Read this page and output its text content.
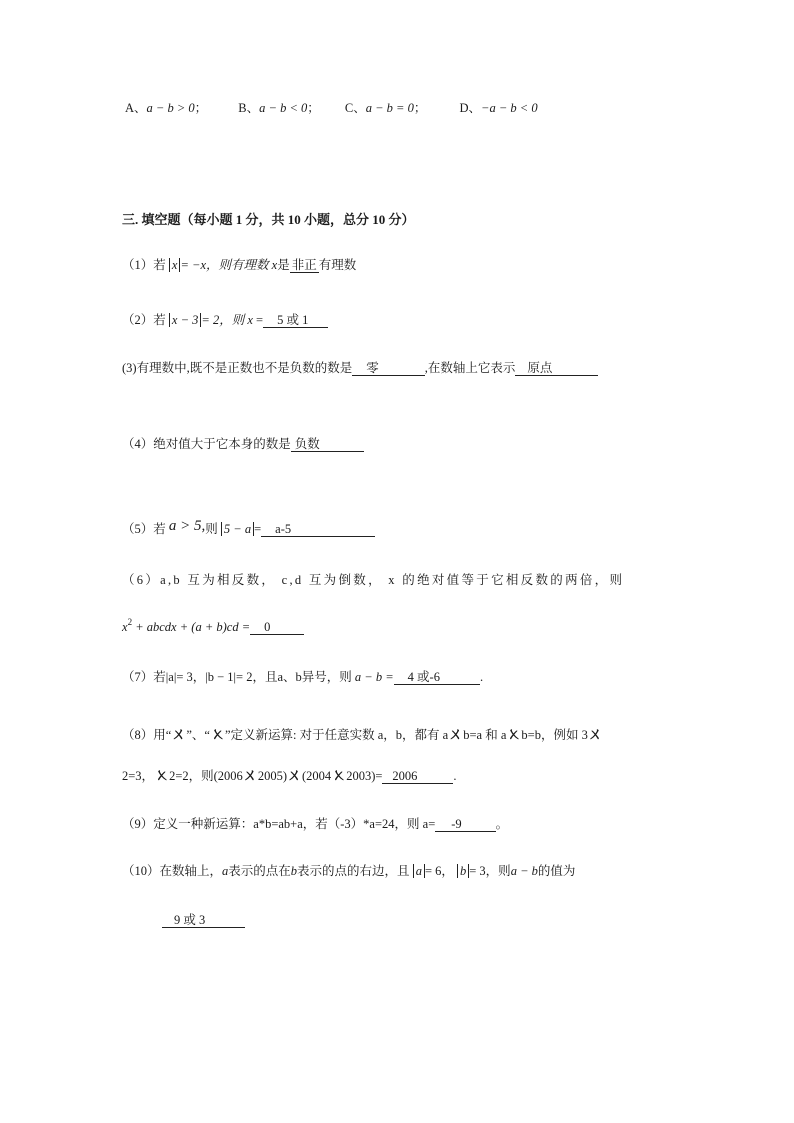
A、a − b > 0； B、a − b < 0； C、a − b = 0；	D、−a − b < 0
三. 填空题（每小题 1 分，共 10 小题，总分 10 分）
（1）若 x = −x，则有理数 x是 非正 有理数
（2）若 x − 3 = 2，则 x = 5 或 1
(3)有理数中,既不是正数也不是负数的数是 零	,在数轴上它表示 原点
（4）绝对值大于它本身的数是 负数
（5）若 a > 5,则 5 − a = a-5
（6）a,b 互为相反数， c,d 互为倒数， x 的绝对值等于它相反数的两倍，则
$x^2$ + abcdx + (a + b)cd = 0
（7）若|a|= 3，|b − 1|= 2，且a、b异号，则 a − b = 4 或-6	.
（8）用“ㄨ”、“ㄨ”定义新运算: 对于任意实数 a，b，都有 aㄨb=a 和 aㄨb=b，例如 3ㄨ
2=3，ㄨ2=2，则(2006ㄨ2005)ㄨ(2004ㄨ2003)= 2006	.
（9）定义一种新运算：a*b=ab+a，若（-3）*a=24，则 a= -9	。
（10）在数轴上，a表示的点在b表示的点的右边，且 a = 6， b = 3，则a − b的值为
9 或 3
